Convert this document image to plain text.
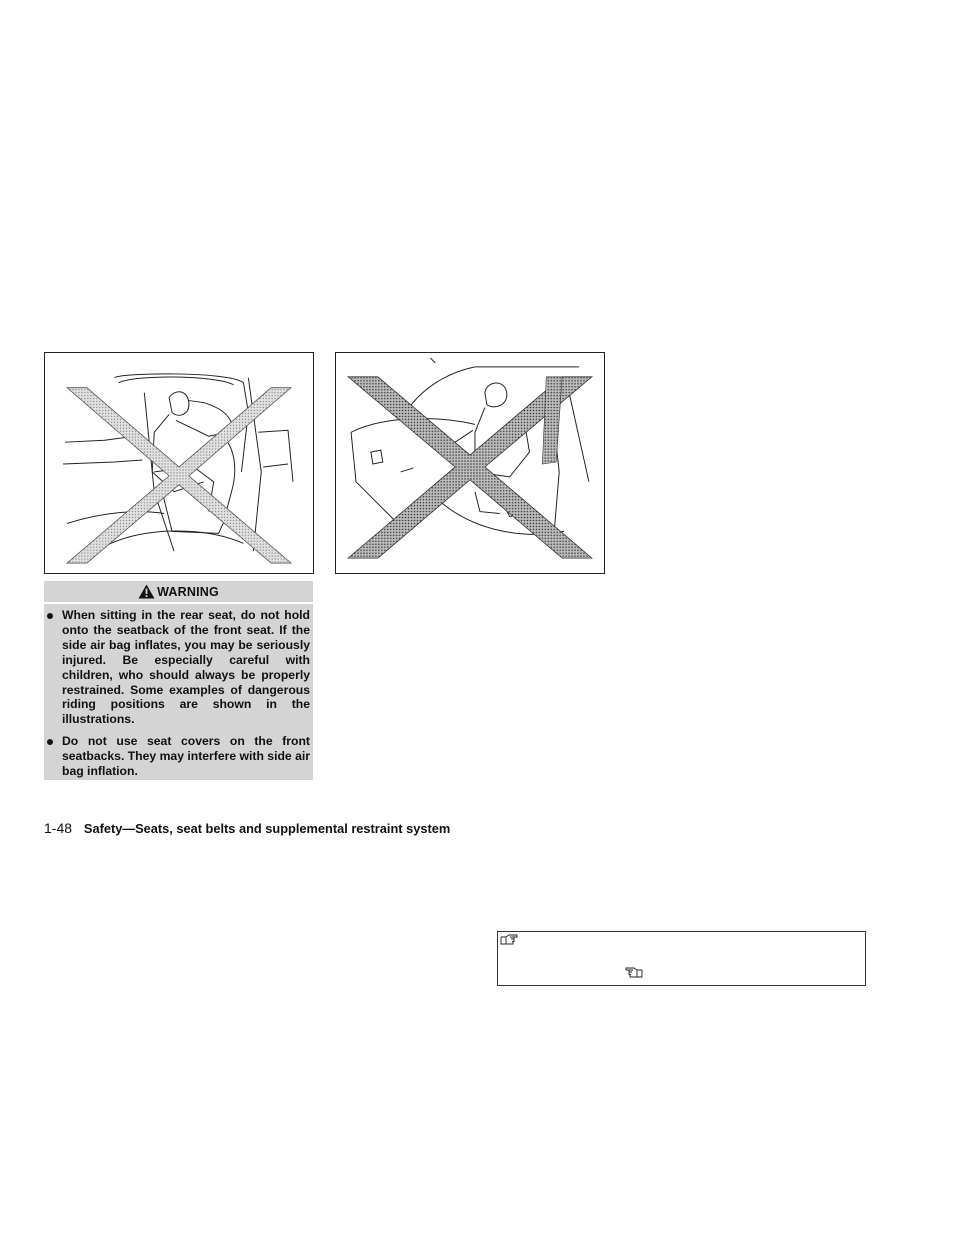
WARNING
When sitting in the rear seat, do not hold onto the seatback of the front seat. If the side air bag inflates, you may be seriously injured. Be especially careful with children, who should always be properly restrained. Some examples of dangerous riding positions are shown in the illustrations.
Do not use seat covers on the front seatbacks. They may interfere with side air bag inflation.
1-48 Safety—Seats, seat belts and supplemental restraint system
